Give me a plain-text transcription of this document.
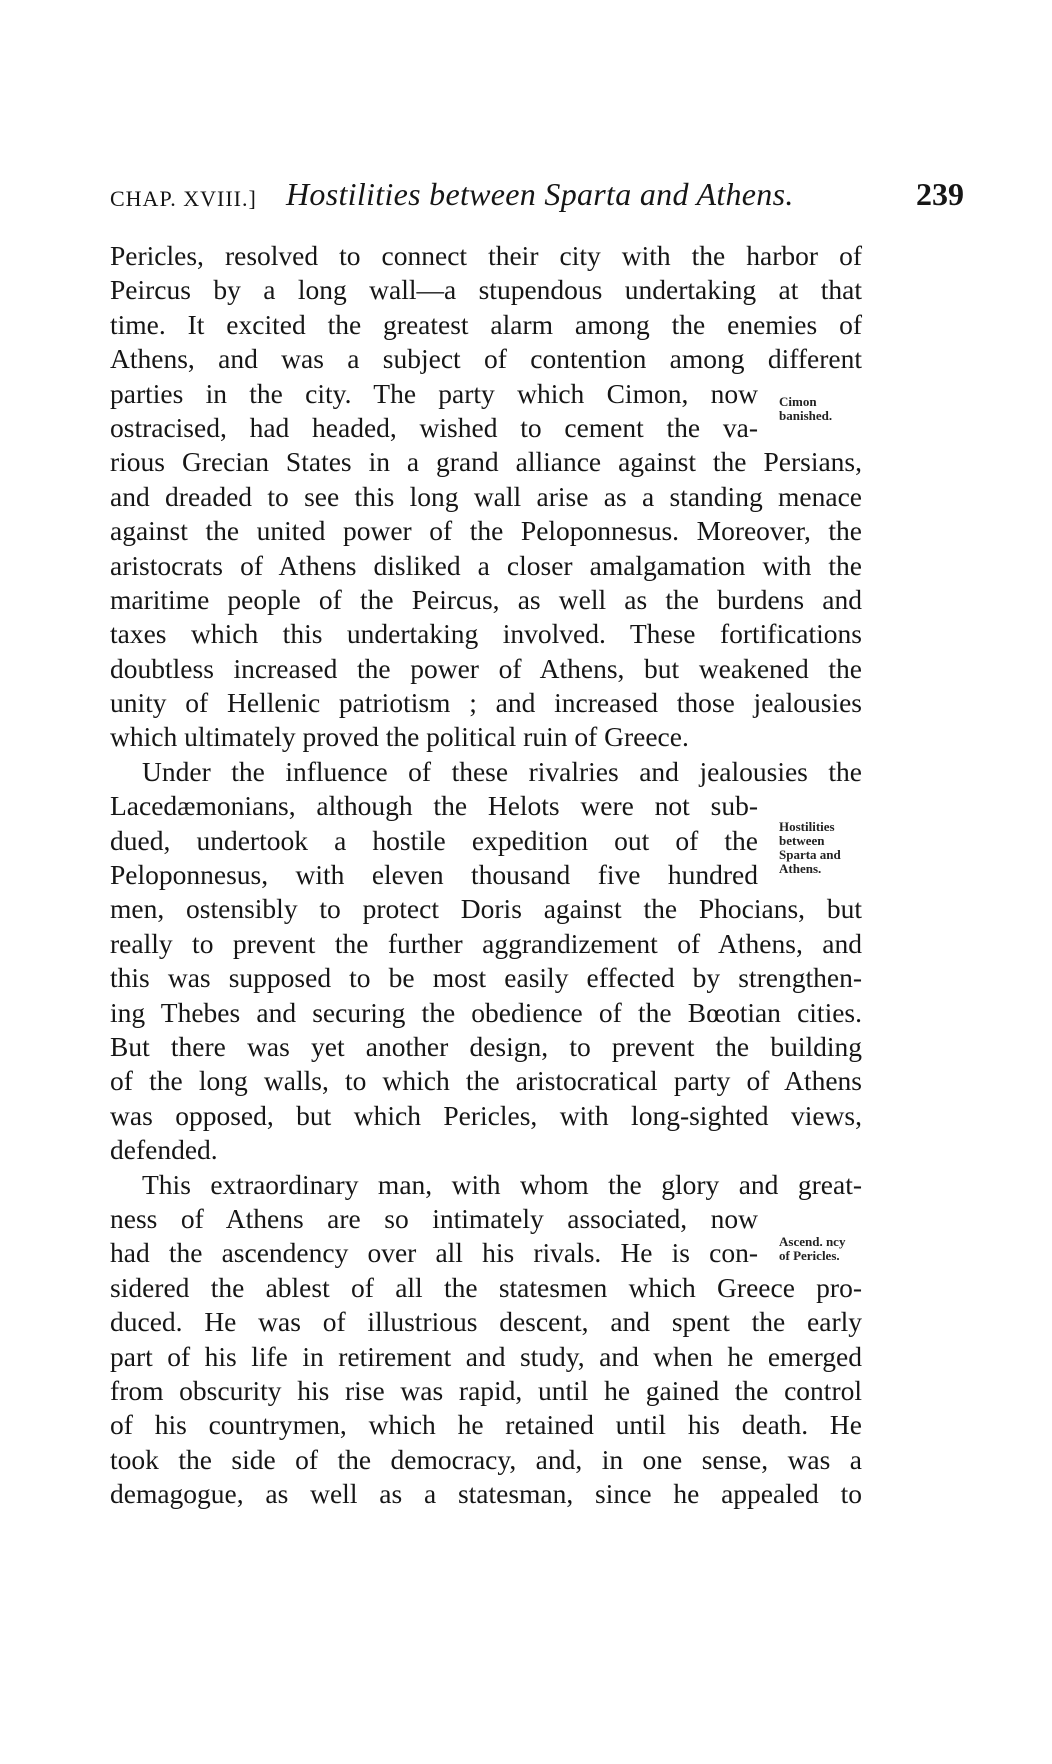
CHAP. XVIII.] Hostilities between Sparta and Athens.	239
Pericles, resolved to connect their city with the harbor of
Peircus by a long wall—a stupendous undertaking at that
time. It excited the greatest alarm among the enemies of
Athens, and was a subject of contention among different
parties in the city. The party which Cimon, now
ostracised, had headed, wished to cement the va-
rious Grecian States in a grand alliance against the Persians,
and dreaded to see this long wall arise as a standing menace
against the united power of the Peloponnesus. Moreover, the
aristocrats of Athens disliked a closer amalgamation with the
maritime people of the Peircus, as well as the burdens and
taxes which this undertaking involved. These fortifications
doubtless increased the power of Athens, but weakened the
unity of Hellenic patriotism ; and increased those jealousies
which ultimately proved the political ruin of Greece.
Under the influence of these rivalries and jealousies the
Lacedæmonians, although the Helots were not sub-
dued, undertook a hostile expedition out of the
Peloponnesus, with eleven thousand five hundred
men, ostensibly to protect Doris against the Phocians, but
really to prevent the further aggrandizement of Athens, and
this was supposed to be most easily effected by strengthen-
ing Thebes and securing the obedience of the Bœotian cities.
But there was yet another design, to prevent the building
of the long walls, to which the aristocratical party of Athens
was opposed, but which Pericles, with long-sighted views,
defended.
This extraordinary man, with whom the glory and great-
ness of Athens are so intimately associated, now
had the ascendency over all his rivals. He is con-
sidered the ablest of all the statesmen which Greece pro-
duced. He was of illustrious descent, and spent the early
part of his life in retirement and study, and when he emerged
from obscurity his rise was rapid, until he gained the control
of his countrymen, which he retained until his death. He
took the side of the democracy, and, in one sense, was a
demagogue, as well as a statesman, since he appealed to
Cimon
banished.
Hostilities
between
Sparta and
Athens.
Ascend. ncy
of Pericles.
